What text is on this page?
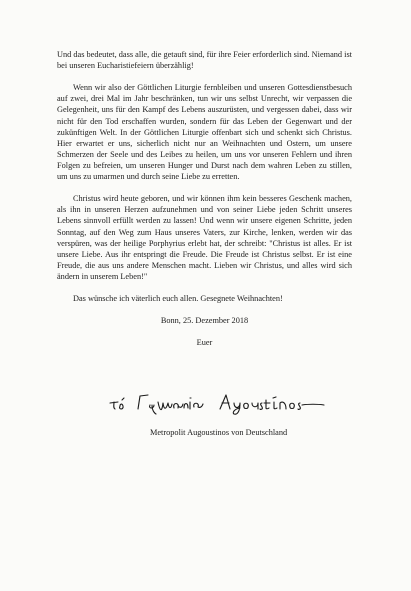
Und das bedeutet, dass alle, die getauft sind, für ihre Feier erforderlich sind. Niemand ist bei unseren Eucharistiefeiern überzählig!

Wenn wir also der Göttlichen Liturgie fernbleiben und unseren Gottesdienstbesuch auf zwei, drei Mal im Jahr beschränken, tun wir uns selbst Unrecht, wir verpassen die Gelegenheit, uns für den Kampf des Lebens auszurüsten, und vergessen dabei, dass wir nicht für den Tod erschaffen wurden, sondern für das Leben der Gegenwart und der zukünftigen Welt. In der Göttlichen Liturgie offenbart sich und schenkt sich Christus. Hier erwartet er uns, sicherlich nicht nur an Weihnachten und Ostern, um unsere Schmerzen der Seele und des Leibes zu heilen, um uns vor unseren Fehlern und ihren Folgen zu befreien, um unseren Hunger und Durst nach dem wahren Leben zu stillen, um uns zu umarmen und durch seine Liebe zu erretten.

Christus wird heute geboren, und wir können ihm kein besseres Geschenk machen, als ihn in unseren Herzen aufzunehmen und von seiner Liebe jeden Schritt unseres Lebens sinnvoll erfüllt werden zu lassen! Und wenn wir unsere eigenen Schritte, jeden Sonntag, auf den Weg zum Haus unseres Vaters, zur Kirche, lenken, werden wir das verspüren, was der heilige Porphyrius erlebt hat, der schreibt: "Christus ist alles. Er ist unsere Liebe. Aus ihr entspringt die Freude. Die Freude ist Christus selbst. Er ist eine Freude, die aus uns andere Menschen macht. Lieben wir Christus, und alles wird sich ändern in unserem Leben!"

Das wünsche ich väterlich euch allen. Gesegnete Weihnachten!

Bonn, 25. Dezember 2018

Euer

Metropolit Augoustinos von Deutschland
